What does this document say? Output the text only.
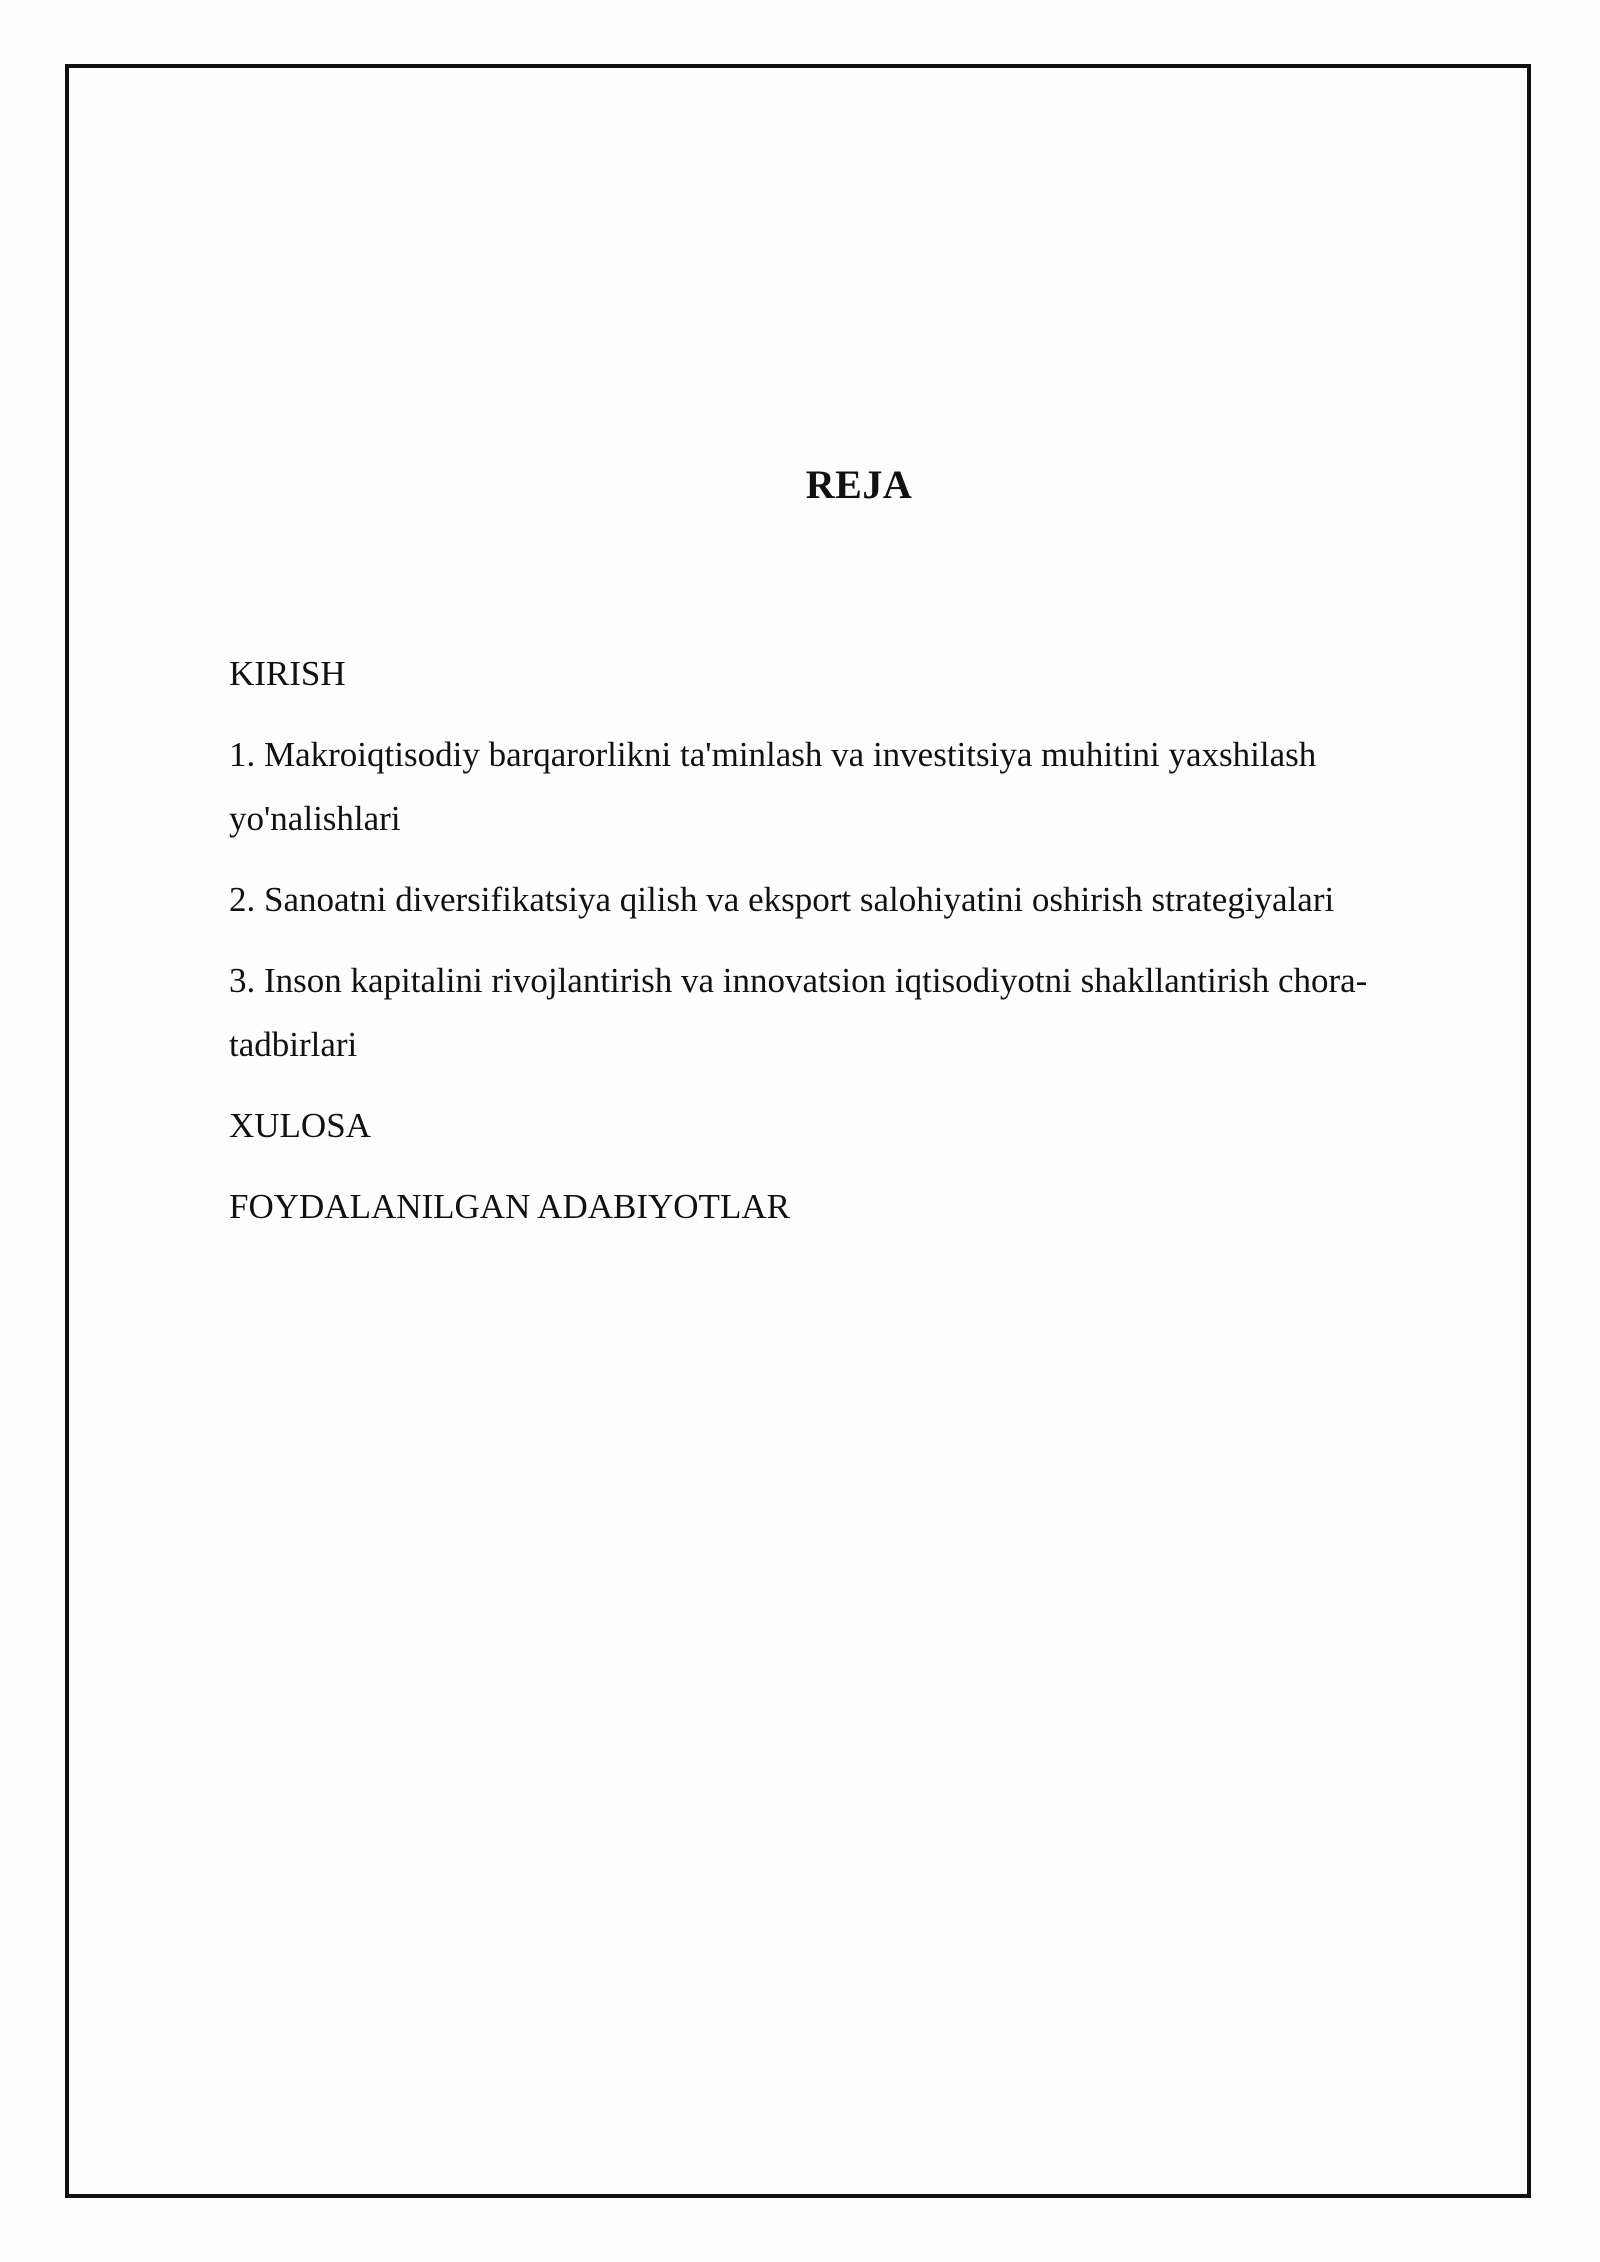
REJA
KIRISH
1. Makroiqtisodiy barqarorlikni ta'minlash va investitsiya muhitini yaxshilash yo'nalishlari
2. Sanoatni diversifikatsiya qilish va eksport salohiyatini oshirish strategiyalari
3. Inson kapitalini rivojlantirish va innovatsion iqtisodiyotni shakllantirish chora-tadbirlari
XULOSA
FOYDALANILGAN ADABIYOTLAR
